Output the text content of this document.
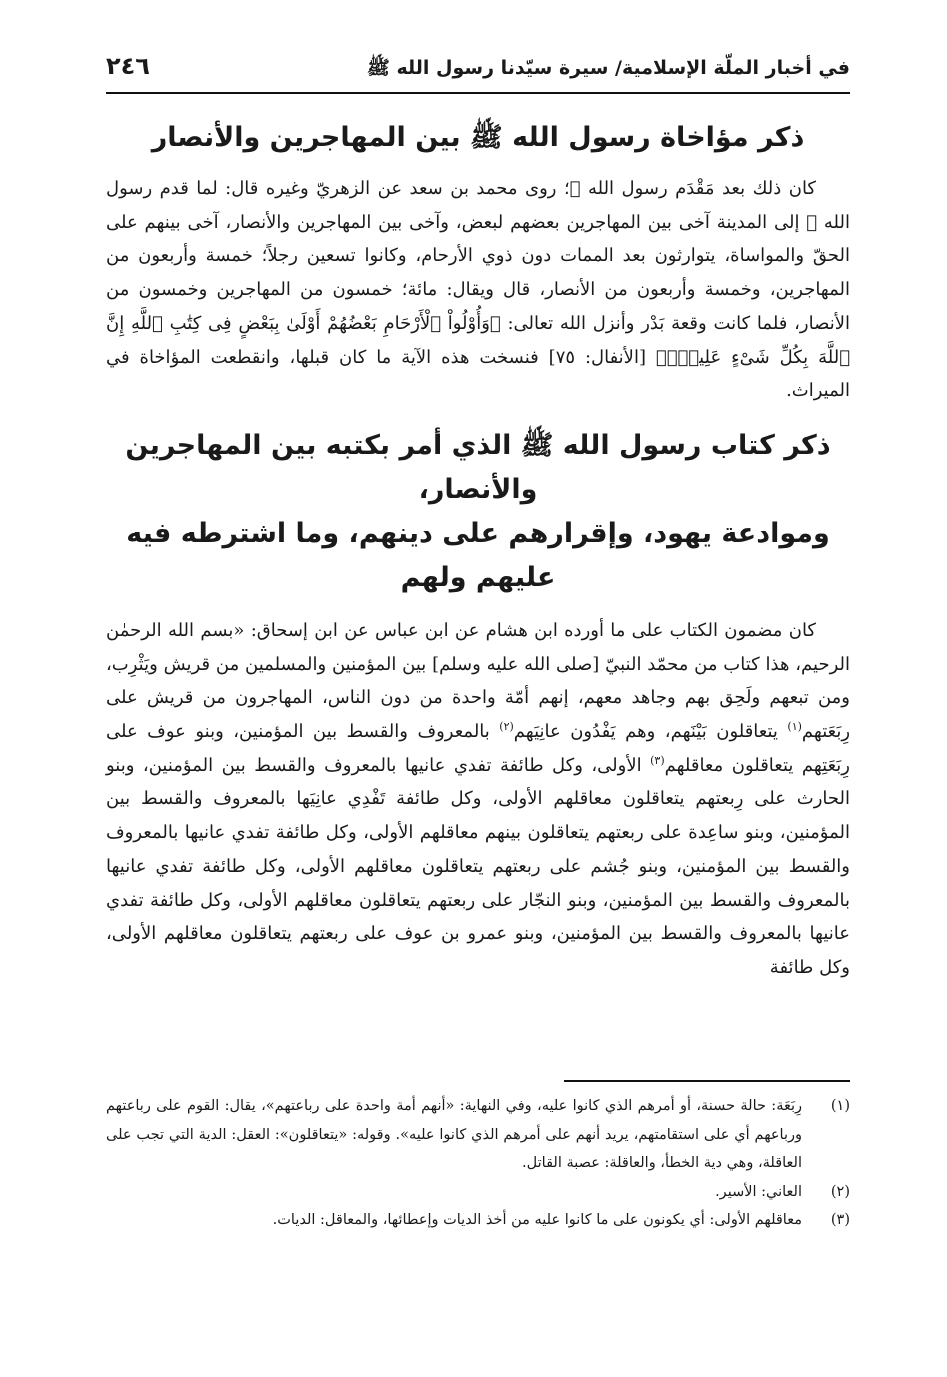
في أخبار الملّة الإسلامية/ سيرة سيّدنا رسول الله ﷺ
٢٤٦
ذكر مؤاخاة رسول الله ﷺ بين المهاجرين والأنصار

كان ذلك بعد مَقْدَم رسول الله ﷺ؛ روى محمد بن سعد عن الزهريّ وغيره قال: لما قدم رسول الله ﷺ إلى المدينة آخى بين المهاجرين بعضهم لبعض، وآخى بين المهاجرين والأنصار، آخى بينهم على الحقّ والمواساة، يتوارثون بعد الممات دون ذوي الأرحام، وكانوا تسعين رجلاً؛ خمسة وأربعون من المهاجرين، وخمسة وأربعون من الأنصار، قال ويقال: مائة؛ خمسون من المهاجرين وخمسون من الأنصار، فلما كانت وقعة بَدْر وأنزل الله تعالى: ﴿وَأُوْلُواْ ٱلْأَرْحَامِ بَعْضُهُمْ أَوْلَىٰ بِبَعْضٍ فِى كِتَٰبِ ٱللَّهِ إِنَّ ٱللَّهَ بِكُلِّ شَىْءٍ عَلِيمٌۢ﴾ [الأنفال: ٧٥] فنسخت هذه الآية ما كان قبلها، وانقطعت المؤاخاة في الميراث.

ذكر كتاب رسول الله ﷺ الذي أمر بكتبه بين المهاجرين والأنصار،
وموادعة يهود، وإقرارهم على دينهم، وما اشترطه فيه عليهم ولهم

كان مضمون الكتاب على ما أورده ابن هشام عن ابن عباس عن ابن إسحاق: «بسم الله الرحمٰن الرحيم، هذا كتاب من محمّد النبيّ [صلى الله عليه وسلم] بين المؤمنين والمسلمين من قريش ويَثْرِب، ومن تبعهم ولَحِق بهم وجاهد معهم، إنهم أمّة واحدة من دون الناس، المهاجرون من قريش على رِبَعَتهم$^{(١)}$ يتعاقلون بَيْنَهم، وهم يَفْدُون عانِيَهم$^{(٢)}$ بالمعروف والقسط بين المؤمنين، وبنو عوف على رِبَعَتِهم يتعاقلون معاقلهم$^{(٣)}$ الأولى، وكل طائفة تفدي عانيها بالمعروف والقسط بين المؤمنين، وبنو الحارث على رِبعتهم يتعاقلون معاقلهم الأولى، وكل طائفة تَفْدِي عانِيَها بالمعروف والقسط بين المؤمنين، وبنو ساعِدة على ربعتهم يتعاقلون بينهم معاقلهم الأولى، وكل طائفة تفدي عانيها بالمعروف والقسط بين المؤمنين، وبنو جُشم على ربعتهم يتعاقلون معاقلهم الأولى، وكل طائفة تفدي عانيها بالمعروف والقسط بين المؤمنين، وبنو النجّار على ربعتهم يتعاقلون معاقلهم الأولى، وكل طائفة تفدي عانيها بالمعروف والقسط بين المؤمنين، وبنو عمرو بن عوف على ربعتهم يتعاقلون معاقلهم الأولى، وكل طائفة

(١)
رِبَعَة: حالة حسنة، أو أمرهم الذي كانوا عليه، وفي النهاية: «أنهم أمة واحدة على رباعتهم»، يقال: القوم على رباعتهم ورباعهم أي على استقامتهم، يريد أنهم على أمرهم الذي كانوا عليه». وقوله: «يتعاقلون»: العقل: الدية التي تجب على العاقلة، وهي دية الخطأ، والعاقلة: عصبة القاتل.
(٢)
العاني: الأسير.
(٣)
معاقلهم الأولى: أي يكونون على ما كانوا عليه من أخذ الديات وإعطائها، والمعاقل: الديات.
